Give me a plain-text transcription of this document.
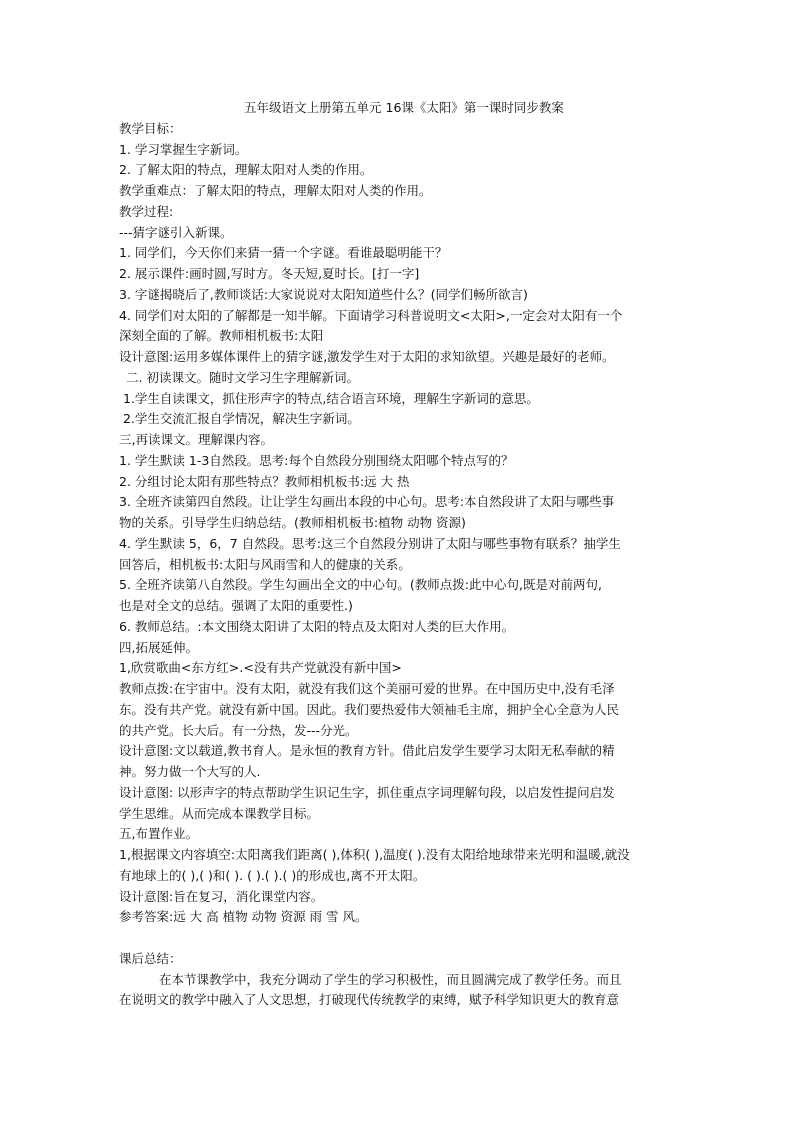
五年级语文上册第五单元 16课《太阳》第一课时同步教案
教学目标：
1. 学习掌握生字新词。
2. 了解太阳的特点，理解太阳对人类的作用。
教学重难点：了解太阳的特点，理解太阳对人类的作用。
教学过程:
---猜字谜引入新课。
1. 同学们，今天你们来猜一猜一个字谜。看谁最聪明能干？
2. 展示课件:画时圆,写时方。冬天短,夏时长。[打一字]
3. 字谜揭晓后了,教师谈话:大家说说对太阳知道些什么？(同学们畅所欲言)
4. 同学们对太阳的了解都是一知半解。下面请学习科普说明文<太阳>,一定会对太阳有一个
深刻全面的了解。教师相机板书:太阳
设计意图:运用多媒体课件上的猜字谜,激发学生对于太阳的求知欲望。兴趣是最好的老师。
二. 初读课文。随时文学习生字理解新词。
1.学生自读课文，抓住形声字的特点,结合语言环境，理解生字新词的意思。
2.学生交流汇报自学情况，解决生字新词。
三,再读课文。理解课内容。
1. 学生默读 1-3自然段。思考:每个自然段分别围绕太阳哪个特点写的？
2. 分组讨论太阳有那些特点？教师相机板书:远 大 热
3. 全班齐读第四自然段。让让学生勾画出本段的中心句。思考:本自然段讲了太阳与哪些事
物的关系。引导学生归纳总结。(教师相机板书:植物 动物 资源)
4. 学生默读 5，6，7 自然段。思考:这三个自然段分别讲了太阳与哪些事物有联系？抽学生
回答后，相机板书:太阳与风雨雪和人的健康的关系。
5. 全班齐读第八自然段。学生勾画出全文的中心句。(教师点拨:此中心句,既是对前两句,
也是对全文的总结。强调了太阳的重要性.)
6. 教师总结。:本文围绕太阳讲了太阳的特点及太阳对人类的巨大作用。
四,拓展延伸。
1,欣赏歌曲<东方红>.<没有共产党就没有新中国>
教师点拨:在宇宙中。没有太阳，就没有我们这个美丽可爱的世界。在中国历史中,没有毛泽
东。没有共产党。就没有新中国。因此。我们要热爱伟大领袖毛主席，拥护全心全意为人民
的共产党。长大后。有一分热，发---分光。
设计意图:文以载道,教书育人。是永恒的教育方针。借此启发学生要学习太阳无私奉献的精
神。努力做一个大写的人.
设计意图: 以形声字的特点帮助学生识记生字，抓住重点字词理解句段，以启发性提问启发
学生思维。从而完成本课教学目标。
五,布置作业。
1,根据课文内容填空:太阳离我们距离( ),体积( ),温度( ).没有太阳给地球带来光明和温暖,就没
有地球上的( ),( )和( ). ( ).( ).( )的形成也,离不开太阳。
设计意图:旨在复习，消化课堂内容。
参考答案:远 大 高 植物 动物 资源 雨 雪 风。
课后总结：
在本节课教学中，我充分调动了学生的学习积极性，而且圆满完成了教学任务。而且
在说明文的教学中融入了人文思想，打破现代传统教学的束缚，赋予科学知识更大的教育意
